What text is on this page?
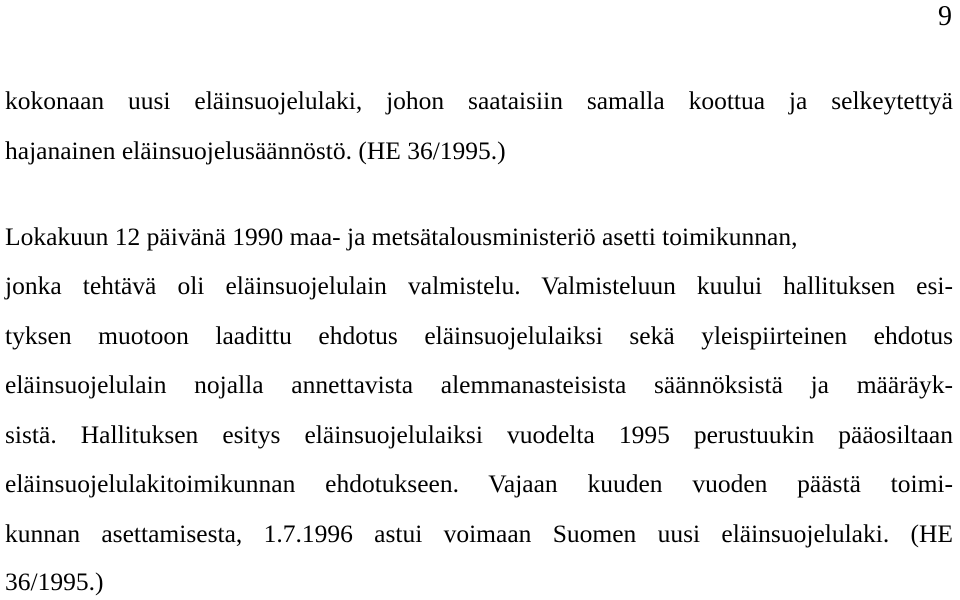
9
kokonaan uusi eläinsuojelulaki, johon saataisiin samalla koottua ja selkeytettyä
hajanainen eläinsuojelusäännöstö. (HE 36/1995.)
Lokakuun 12 päivänä 1990 maa- ja metsätalousministeriö asetti toimikunnan,
jonka tehtävä oli eläinsuojelulain valmistelu. Valmisteluun kuului hallituksen esi-
tyksen muotoon laadittu ehdotus eläinsuojelulaiksi sekä yleispiirteinen ehdotus
eläinsuojelulain nojalla annettavista alemmanasteisista säännöksistä ja määräyk-
sistä. Hallituksen esitys eläinsuojelulaiksi vuodelta 1995 perustuukin pääosiltaan
eläinsuojelulakitoimikunnan ehdotukseen. Vajaan kuuden vuoden päästä toimi-
kunnan asettamisesta, 1.7.1996 astui voimaan Suomen uusi eläinsuojelulaki. (HE
36/1995.)
